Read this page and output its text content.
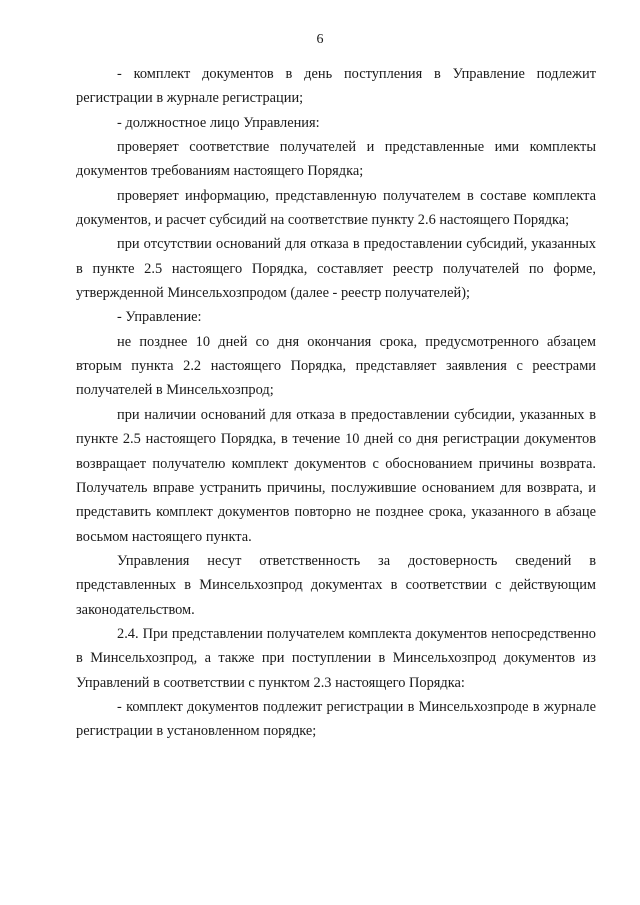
6

- комплект документов в день поступления в Управление подлежит регистрации в журнале регистрации;

- должностное лицо Управления:

проверяет соответствие получателей и представленные ими комплекты документов требованиям настоящего Порядка;

проверяет информацию, представленную получателем в составе комплекта документов, и расчет субсидий на соответствие пункту 2.6 настоящего Порядка;

при отсутствии оснований для отказа в предоставлении субсидий, указанных в пункте 2.5 настоящего Порядка, составляет реестр получателей по форме, утвержденной Минсельхозпродом (далее - реестр получателей);

- Управление:

не позднее 10 дней со дня окончания срока, предусмотренного абзацем вторым пункта 2.2 настоящего Порядка, представляет заявления с реестрами получателей в Минсельхозпрод;

при наличии оснований для отказа в предоставлении субсидии, указанных в пункте 2.5 настоящего Порядка, в течение 10 дней со дня регистрации документов возвращает получателю комплект документов с обоснованием причины возврата. Получатель вправе устранить причины, послужившие основанием для возврата, и представить комплект документов повторно не позднее срока, указанного в абзаце восьмом настоящего пункта.

Управления несут ответственность за достоверность сведений в представленных в Минсельхозпрод документах в соответствии с действующим законодательством.

2.4. При представлении получателем комплекта документов непосредственно в Минсельхозпрод, а также при поступлении в Минсельхозпрод документов из Управлений в соответствии с пунктом 2.3 настоящего Порядка:

- комплект документов подлежит регистрации в Минсельхозпроде в журнале регистрации в установленном порядке;
